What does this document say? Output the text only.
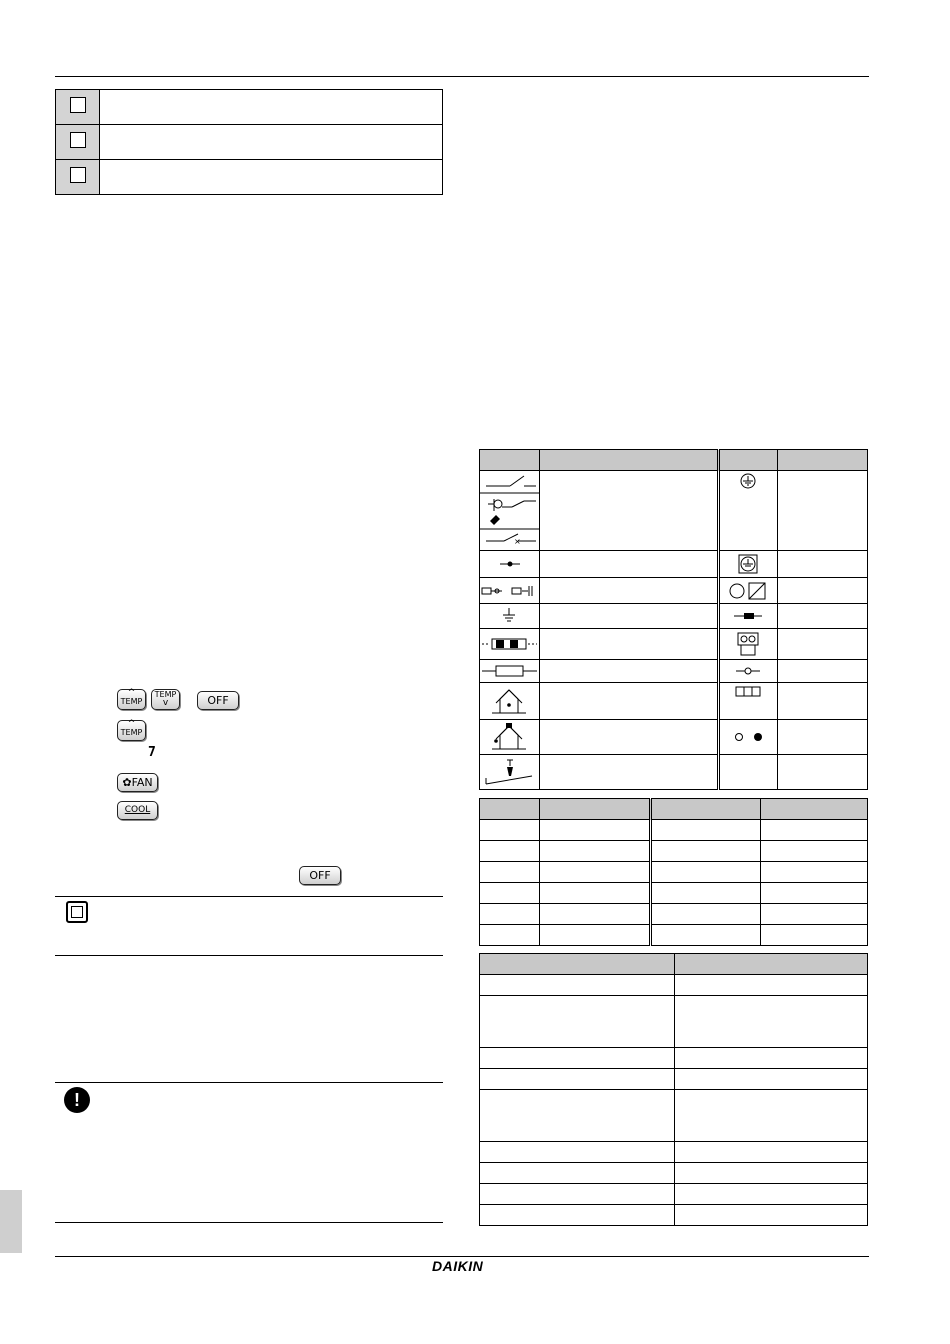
^
TEMP
TEMP
v	OFF
^
TEMP
7
✿FAN
COOL
OFF
!

×

DAIKIN
